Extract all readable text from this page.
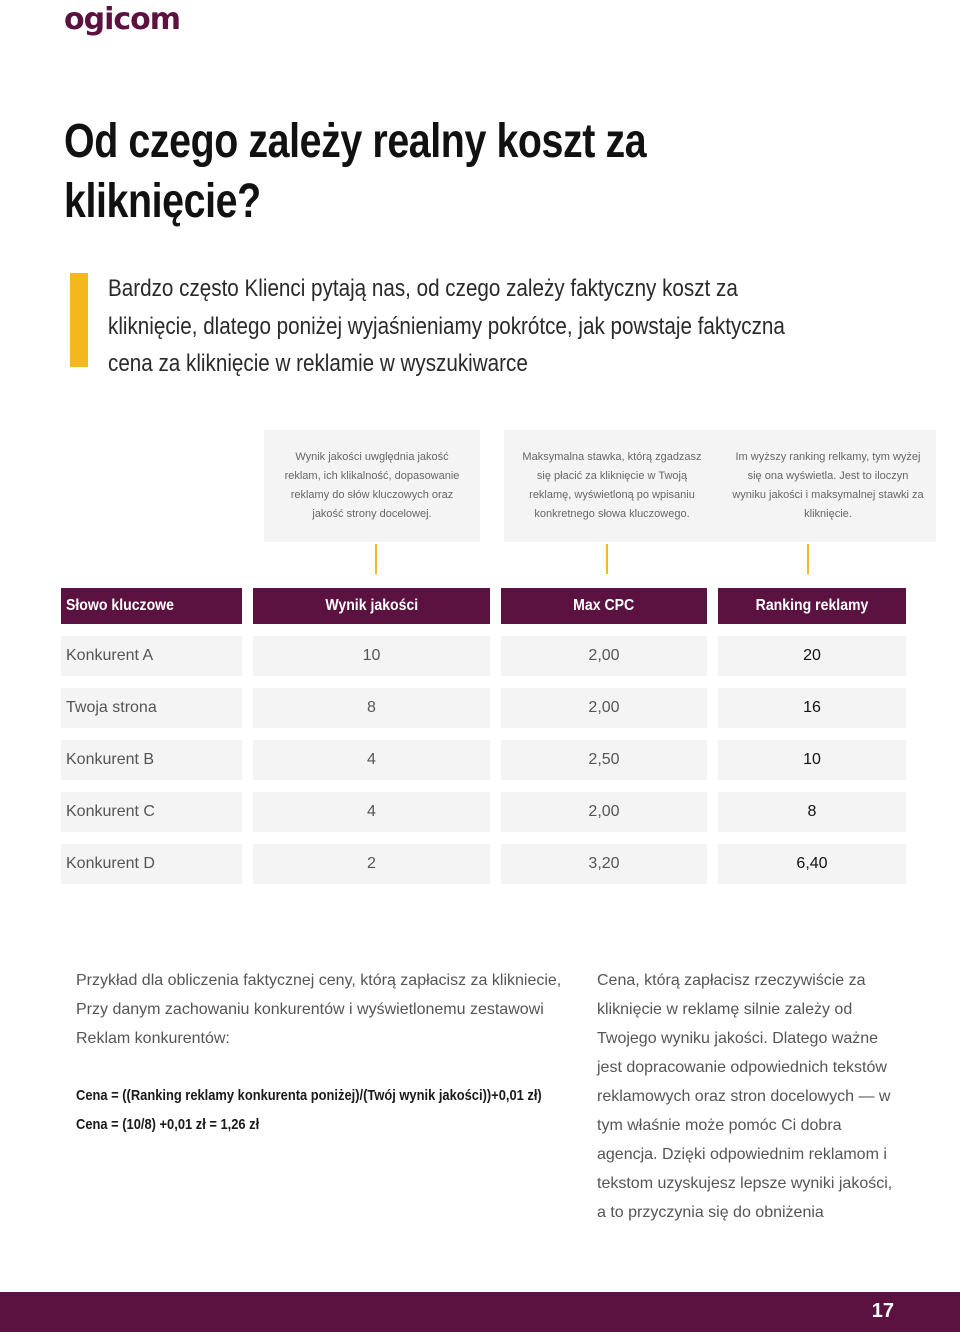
ogicom
Od czego zależy realny koszt za kliknięcie?

Bardzo często Klienci pytają nas, od czego zależy faktyczny koszt za kliknięcie, dlatego poniżej wyjaśnieniamy pokrótce, jak powstaje faktyczna cena za kliknięcie w reklamie w wyszukiwarce

Wynik jakości uwględnia jakość reklam, ich klikalność, dopasowanie reklamy do słów kluczowych oraz jakość strony docelowej.
Maksymalna stawka, którą zgadzasz się płacić za kliknięcie w Twoją reklamę, wyświetloną po wpisaniu konkretnego słowa kluczowego.
Im wyższy ranking relkamy, tym wyżej się ona wyświetla. Jest to iloczyn wyniku jakości i maksymalnej stawki za kliknięcie.
Słowo kluczowe	Wynik jakości	Max CPC	Ranking reklamy
Konkurent A	10	2,00	20
Twoja strona	8	2,00	16
Konkurent B	4	2,50	10
Konkurent C	4	2,00	8
Konkurent D	2	3,20	6,40
Przykład dla obliczenia faktycznej ceny, którą zapłacisz za klikniecie,
Przy danym zachowaniu konkurentów i wyświetlonemu zestawowi
Reklam konkurentów:
Cena = ((Ranking reklamy konkurenta poniżej)/(Twój wynik jakości))+0,01 zł)
Cena = (10/8) +0,01 zł = 1,26 zł

Cena, którą zapłacisz rzeczywiście za kliknięcie w reklamę silnie zależy od Twojego wyniku jakości. Dlatego ważne jest dopracowanie odpowiednich tekstów reklamowych oraz stron docelowych — w tym właśnie może pomóc Ci dobra agencja. Dzięki odpowiednim reklamom i tekstom uzyskujesz lepsze wyniki jakości, a to przyczynia się do obniżenia

17
